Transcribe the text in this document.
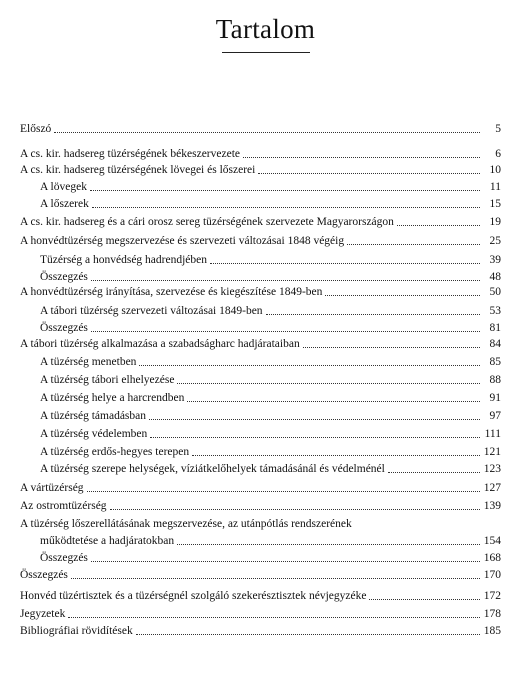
Tartalom
Előszó	5
A cs. kir. hadsereg tüzérségének békeszervezete	6
A cs. kir. hadsereg tüzérségének lövegei és lőszerei	10
A lövegek	11
A lőszerek	15
A cs. kir. hadsereg és a cári orosz sereg tüzérségének szervezete Magyarországon	19
A honvédtüzérség megszervezése és szervezeti változásai 1848 végéig	25
Tüzérség a honvédség hadrendjében	39
Összegzés	48
A honvédtüzérség irányítása, szervezése és kiegészítése 1849-ben	50
A tábori tüzérség szervezeti változásai 1849-ben	53
Összegzés	81
A tábori tüzérség alkalmazása a szabadságharc hadjárataiban	84
A tüzérség menetben	85
A tüzérség tábori elhelyezése	88
A tüzérség helye a harcrendben	91
A tüzérség támadásban	97
A tüzérség védelemben	111
A tüzérség erdős-hegyes terepen	121
A tüzérség szerepe helységek, víziátkelőhelyek támadásánál és védelménél	123
A vártüzérség	127
Az ostromtüzérség	139
A tüzérség lőszerellátásának megszervezése, az utánpótlás rendszerének
működtetése a hadjáratokban	154
Összegzés	168
Összegzés	170
Honvéd tüzértisztek és a tüzérségnél szolgáló szekerésztisztek névjegyzéke	172
Jegyzetek	178
Bibliográfiai rövidítések	185
